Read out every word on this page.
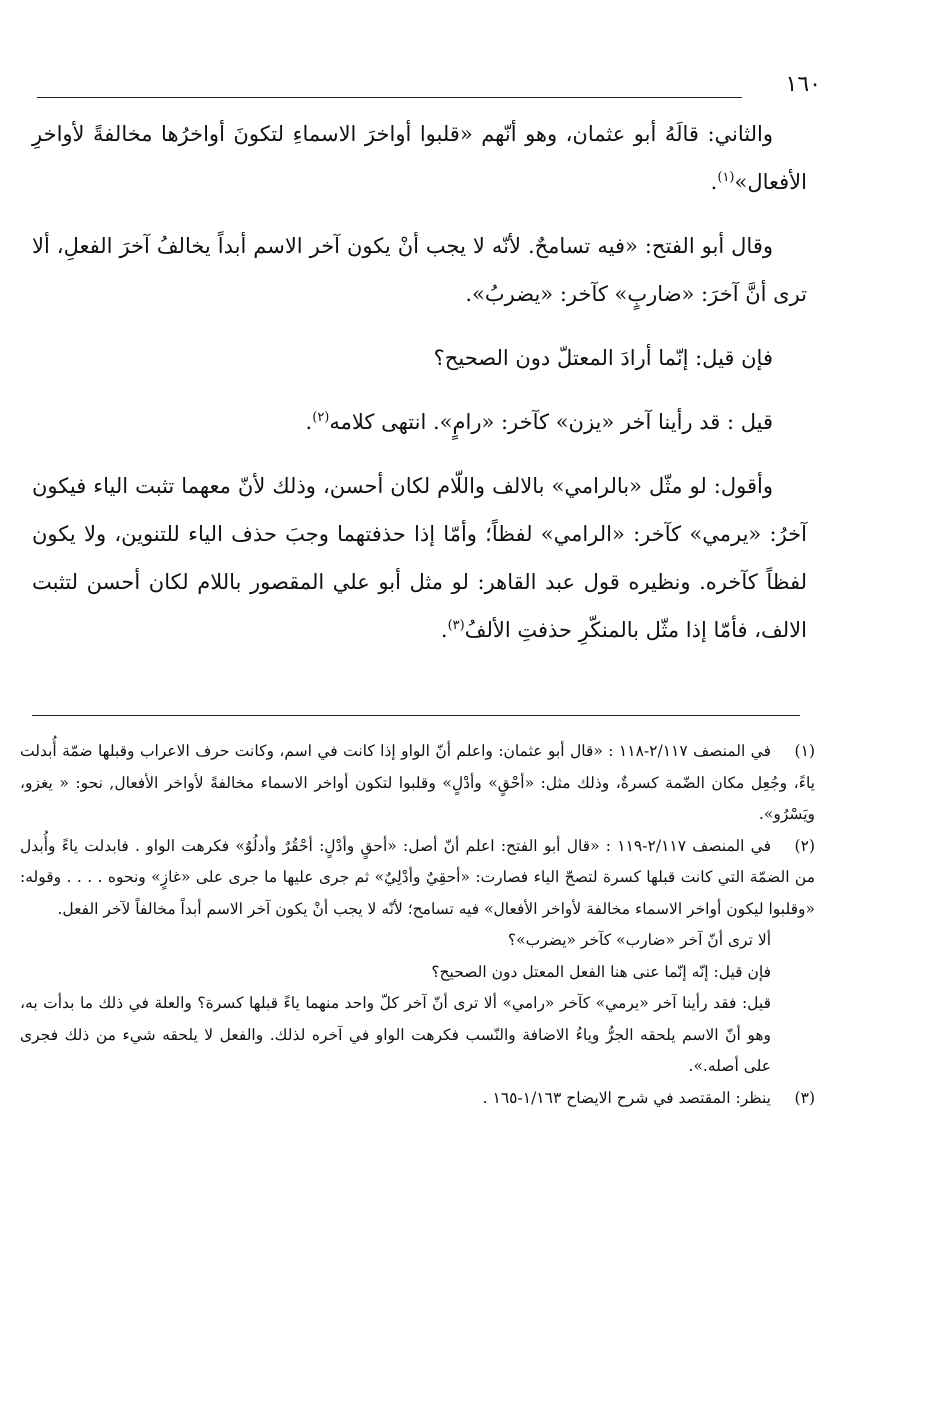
١٦٠

والثاني: قالَهُ أبو عثمان، وهو أنّهم «قلبوا أواخرَ الاسماءِ لتكونَ أواخرُها مخالفةً لأواخرِ الأفعال»$^{(١)}$.

وقال أبو الفتح: «فيه تسامحٌ. لأنّه لا يجب أنْ يكون آخر الاسم أبداً يخالفُ آخرَ الفعلِ، ألا ترى أنَّ آخرَ: «ضاربٍ» كآخر: «يضربُ».

فإن قيل: إنّما أرادَ المعتلّ دون الصحيح؟

قيل : قد رأينا آخر «يزن» كآخر: «رامٍ». انتهى كلامه$^{(٢)}$.

وأقول: لو مثّل «بالرامي» بالالف واللّام لكان أحسن، وذلك لأنّ معهما تثبت الياء فيكون آخرُ: «يرمي» كآخر: «الرامي» لفظاً؛ وأمّا إذا حذفتهما وجبَ حذف الياء للتنوين، ولا يكون لفظاً كآخره. ونظيره قول عبد القاهر: لو مثل أبو علي المقصور باللام لكان أحسن لتثبت الالف، فأمّا إذا مثّل بالمنكّرِ حذفتِ الألفُ$^{(٣)}$.

(١)في المنصف ٢/١١٧-١١٨ : «قال أبو عثمان: واعلم أنّ الواو إذا كانت في اسم، وكانت حرف الاعراب وقبلها ضمّة أُبدلت ياءً، وجُعِل مكان الضّمة كسرةٌ، وذلك مثل: «أحْقٍ» وأدْلٍ» وقلبوا لتكون أواخر الاسماء مخالفةً لأواخر الأفعال, نحو: « يغزو، ويَسْرُو».

(٢)في المنصف ٢/١١٧-١١٩ : «قال أبو الفتح: اعلم أنّ أصل: «أحقٍ وأدْلٍ: أحْقُرٌ وأدلُوٌ» فكرهت الواو . فابدلت ياءً وأُبدل من الضمّة التي كانت قبلها كسرة لتصحّ الياء فصارت: «أحقِيٌ وأدْلِيٌ» ثم جرى عليها ما جرى على «غازٍ» ونحوه . . . . وقوله: «وقلبوا ليكون أواخر الاسماء مخالفة لأواخر الأفعال» فيه تسامح؛ لأنّه لا يجب أنْ يكون آخر الاسم أبداً مخالفاً لآخر الفعل.

ألا ترى أنّ آخر «ضارب» كآخر «يضرب»؟

فإن قيل: إنّه إنّما عنى هنا الفعل المعتل دون الصحيح؟

قيل: فقد رأينا آخر «يرمي» كآخر «رامي» ألا ترى أنّ آخر كلّ واحد منهما ياءً قبلها كسرة؟ والعلة في ذلك ما بدأت به، وهو أنّ الاسم يلحقه الجرُّ وياءُ الاضافة والنّسب فكرهت الواو في آخره لذلك. والفعل لا يلحقه شيء من ذلك فجرى على أصله.».

(٣)ينظر: المقتصد في شرح الايضاح ١/١٦٣-١٦٥ .
